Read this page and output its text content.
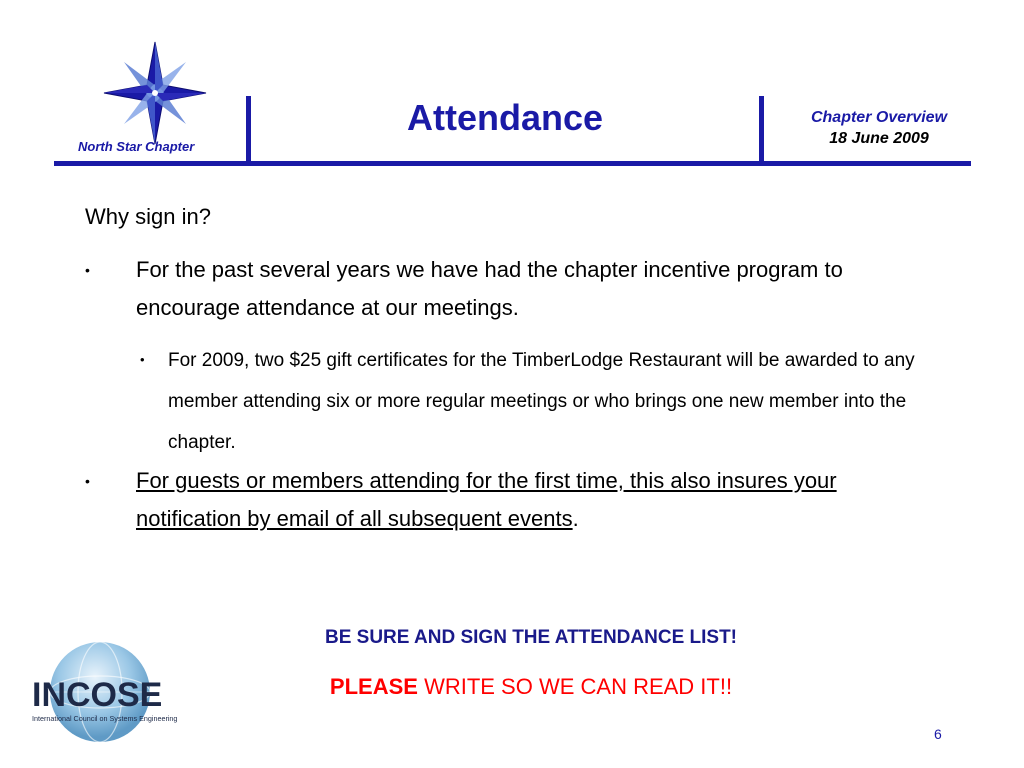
North Star Chapter
Attendance	Chapter Overview
18 June 2009
Why sign in?
• For the past several years we have had the chapter incentive program to encourage attendance at our meetings.
• For 2009, two $25 gift certificates for the TimberLodge Restaurant will be awarded to any member attending six or more regular meetings or who brings one new member into the chapter.
• For guests or members attending for the first time, this also insures your notification by email of all subsequent events.
BE SURE AND SIGN THE ATTENDANCE LIST!
PLEASE WRITE SO WE CAN READ IT!!
INCOSE
International Council on Systems Engineering
6
